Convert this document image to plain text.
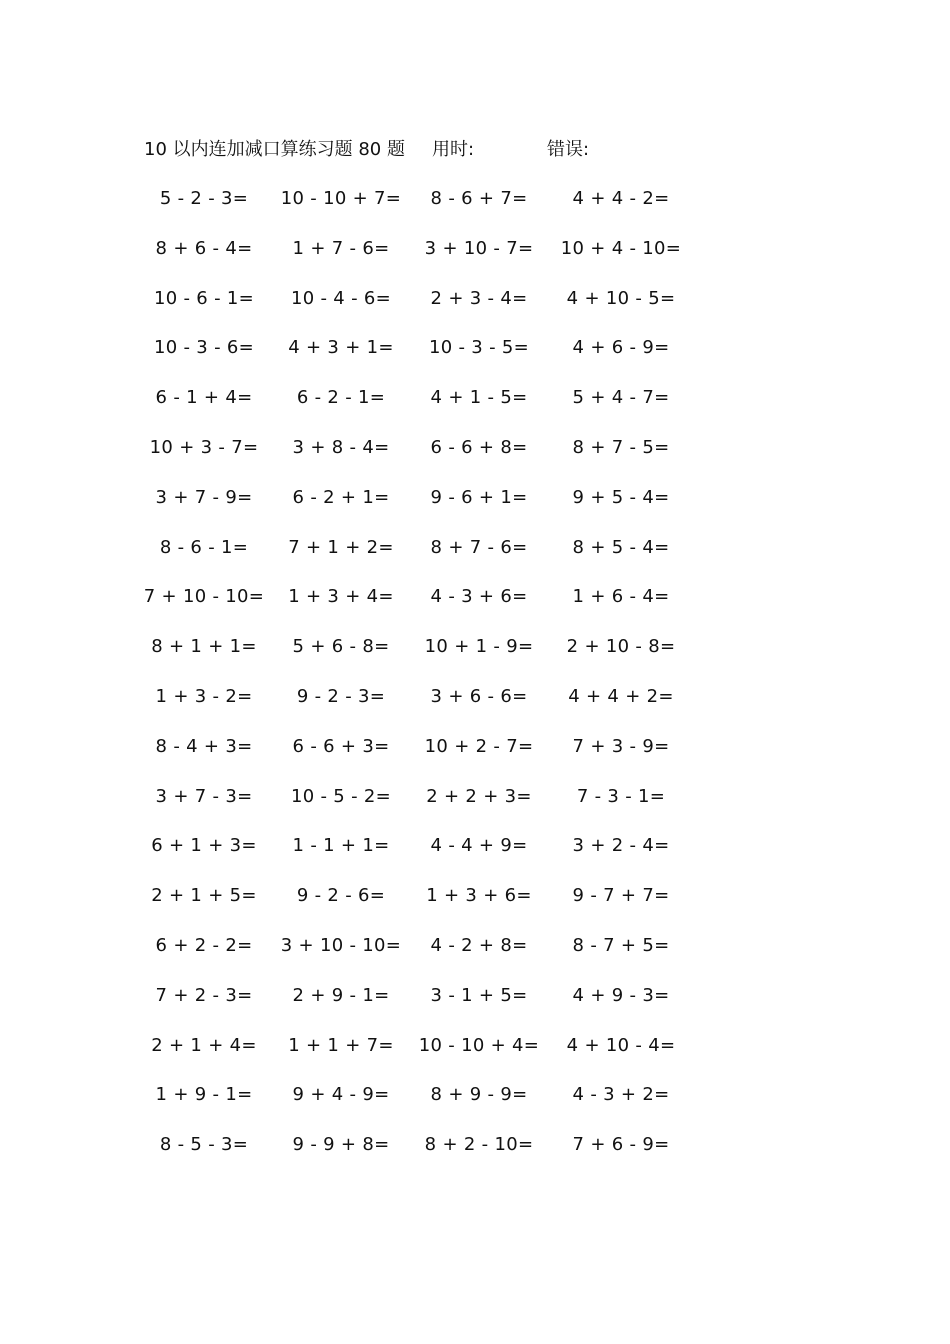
10 以内连加减口算练习题 80 题 用时:	错误:
5 - 2 - 3=	10 - 10 + 7=	8 - 6 + 7=	4 + 4 - 2=
8 + 6 - 4=	1 + 7 - 6=	3 + 10 - 7=	10 + 4 - 10=
10 - 6 - 1=	10 - 4 - 6=	2 + 3 - 4=	4 + 10 - 5=
10 - 3 - 6=	4 + 3 + 1=	10 - 3 - 5=	4 + 6 - 9=
6 - 1 + 4=	6 - 2 - 1=	4 + 1 - 5=	5 + 4 - 7=
10 + 3 - 7=	3 + 8 - 4=	6 - 6 + 8=	8 + 7 - 5=
3 + 7 - 9=	6 - 2 + 1=	9 - 6 + 1=	9 + 5 - 4=
8 - 6 - 1=	7 + 1 + 2=	8 + 7 - 6=	8 + 5 - 4=
7 + 10 - 10=	1 + 3 + 4=	4 - 3 + 6=	1 + 6 - 4=
8 + 1 + 1=	5 + 6 - 8=	10 + 1 - 9=	2 + 10 - 8=
1 + 3 - 2=	9 - 2 - 3=	3 + 6 - 6=	4 + 4 + 2=
8 - 4 + 3=	6 - 6 + 3=	10 + 2 - 7=	7 + 3 - 9=
3 + 7 - 3=	10 - 5 - 2=	2 + 2 + 3=	7 - 3 - 1=
6 + 1 + 3=	1 - 1 + 1=	4 - 4 + 9=	3 + 2 - 4=
2 + 1 + 5=	9 - 2 - 6=	1 + 3 + 6=	9 - 7 + 7=
6 + 2 - 2=	3 + 10 - 10=	4 - 2 + 8=	8 - 7 + 5=
7 + 2 - 3=	2 + 9 - 1=	3 - 1 + 5=	4 + 9 - 3=
2 + 1 + 4=	1 + 1 + 7=	10 - 10 + 4=	4 + 10 - 4=
1 + 9 - 1=	9 + 4 - 9=	8 + 9 - 9=	4 - 3 + 2=
8 - 5 - 3=	9 - 9 + 8=	8 + 2 - 10=	7 + 6 - 9=
